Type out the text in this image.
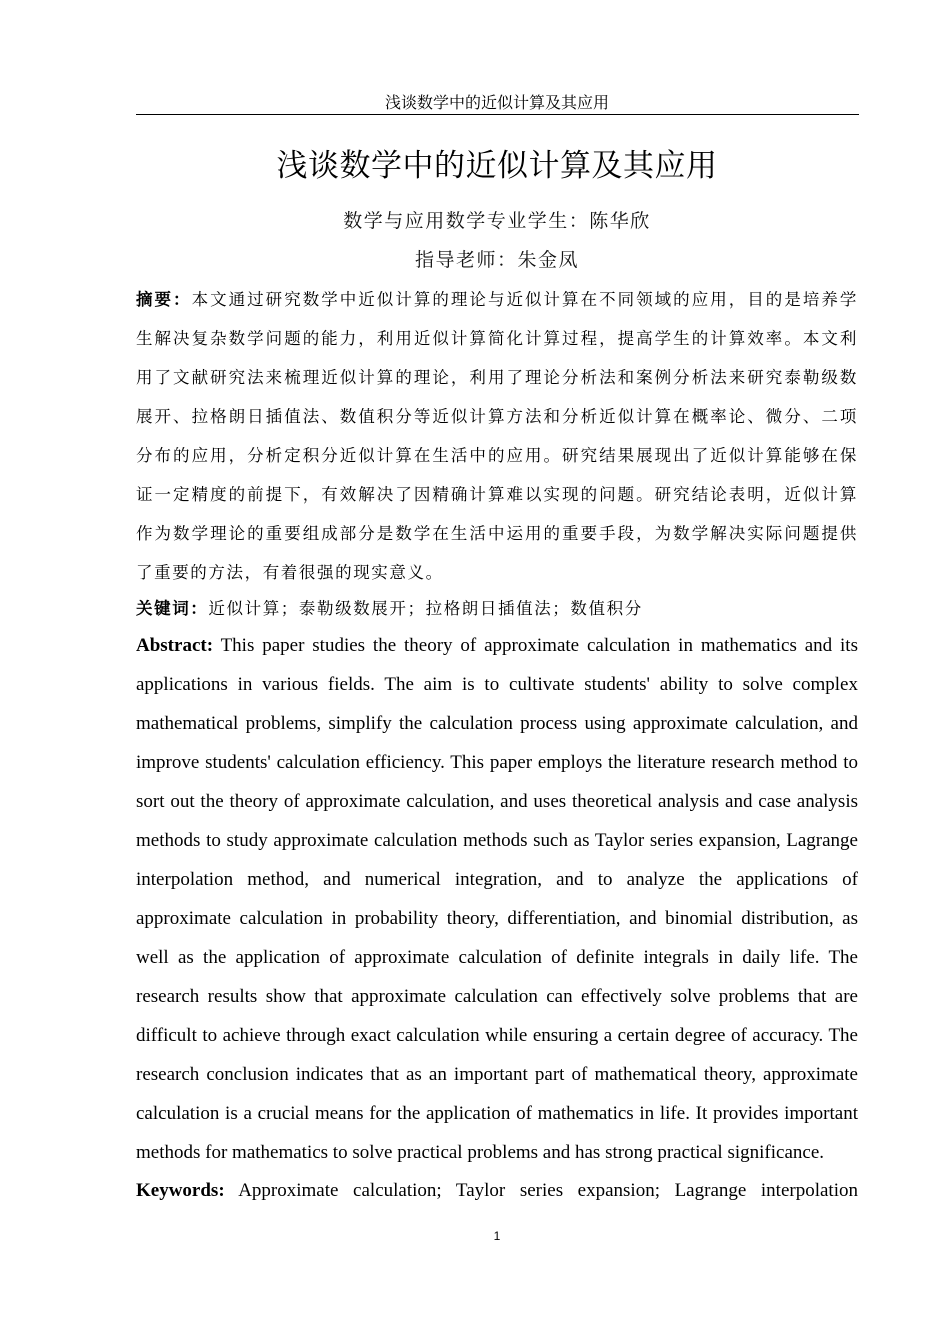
浅谈数学中的近似计算及其应用
浅谈数学中的近似计算及其应用
数学与应用数学专业学生：陈华欣
指导老师：朱金凤
摘要：本文通过研究数学中近似计算的理论与近似计算在不同领域的应用，目的是培养学生解决复杂数学问题的能力，利用近似计算简化计算过程，提高学生的计算效率。本文利用了文献研究法来梳理近似计算的理论，利用了理论分析法和案例分析法来研究泰勒级数展开、拉格朗日插值法、数值积分等近似计算方法和分析近似计算在概率论、微分、二项分布的应用，分析定积分近似计算在生活中的应用。研究结果展现出了近似计算能够在保证一定精度的前提下，有效解决了因精确计算难以实现的问题。研究结论表明，近似计算作为数学理论的重要组成部分是数学在生活中运用的重要手段，为数学解决实际问题提供了重要的方法，有着很强的现实意义。
关键词：近似计算；泰勒级数展开；拉格朗日插值法；数值积分
Abstract: This paper studies the theory of approximate calculation in mathematics and its applications in various fields. The aim is to cultivate students' ability to solve complex mathematical problems, simplify the calculation process using approximate calculation, and improve students' calculation efficiency. This paper employs the literature research method to sort out the theory of approximate calculation, and uses theoretical analysis and case analysis methods to study approximate calculation methods such as Taylor series expansion, Lagrange interpolation method, and numerical integration, and to analyze the applications of approximate calculation in probability theory, differentiation, and binomial distribution, as well as the application of approximate calculation of definite integrals in daily life. The research results show that approximate calculation can effectively solve problems that are difficult to achieve through exact calculation while ensuring a certain degree of accuracy. The research conclusion indicates that as an important part of mathematical theory, approximate calculation is a crucial means for the application of mathematics in life. It provides important methods for mathematics to solve practical problems and has strong practical significance.
Keywords: Approximate calculation; Taylor series expansion; Lagrange interpolation
1
